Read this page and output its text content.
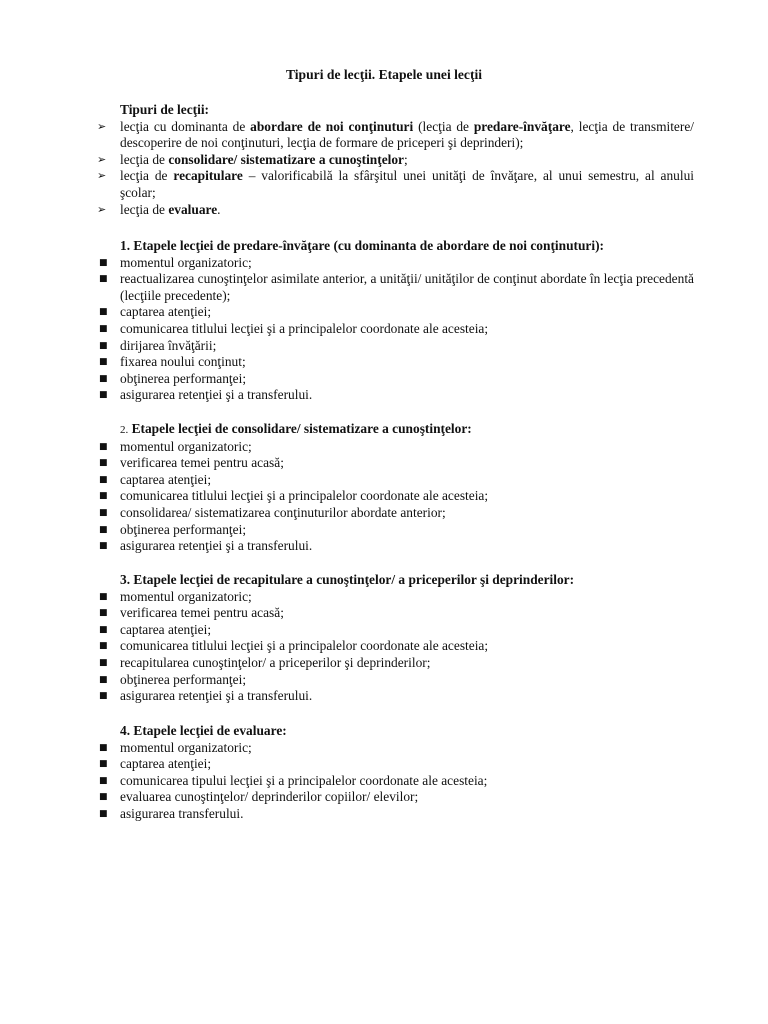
Tipuri de lecţii. Etapele unei lecţii
Tipuri de lecţii:
➢ lecţia cu dominanta de abordare de noi conţinuturi (lecţia de predare-învăţare, lecţia de transmitere/ descoperire de noi conţinuturi, lecţia de formare de priceperi şi deprinderi);
➢ lecţia de consolidare/ sistematizare a cunoştinţelor;
➢ lecţia de recapitulare – valorificabilă la sfârşitul unei unităţi de învăţare, al unui semestru, al anului şcolar;
➢ lecţia de evaluare.
1. Etapele lecţiei de predare-învăţare (cu dominanta de abordare de noi conţinuturi):
■ momentul organizatoric;
■ reactualizarea cunoştinţelor asimilate anterior, a unităţii/ unităţilor de conţinut abordate în lecţia precedentă (lecţiile precedente);
■ captarea atenţiei;
■ comunicarea titlului lecţiei şi a principalelor coordonate ale acesteia;
■ dirijarea învăţării;
■ fixarea noului conţinut;
■ obţinerea performanţei;
■ asigurarea retenţiei şi a transferului.
2. Etapele lecţiei de consolidare/ sistematizare a cunoştinţelor:
■ momentul organizatoric;
■ verificarea temei pentru acasă;
■ captarea atenţiei;
■ comunicarea titlului lecţiei şi a principalelor coordonate ale acesteia;
■ consolidarea/ sistematizarea conţinuturilor abordate anterior;
■ obţinerea performanţei;
■ asigurarea retenţiei şi a transferului.
3. Etapele lecţiei de recapitulare a cunoştinţelor/ a priceperilor şi deprinderilor:
■ momentul organizatoric;
■ verificarea temei pentru acasă;
■ captarea atenţiei;
■ comunicarea titlului lecţiei şi a principalelor coordonate ale acesteia;
■ recapitularea cunoştinţelor/ a priceperilor şi deprinderilor;
■ obţinerea performanţei;
■ asigurarea retenţiei şi a transferului.
4. Etapele lecţiei de evaluare:
■ momentul organizatoric;
■ captarea atenţiei;
■ comunicarea tipului lecţiei şi a principalelor coordonate ale acesteia;
■ evaluarea cunoştinţelor/ deprinderilor copiilor/ elevilor;
■ asigurarea transferului.
